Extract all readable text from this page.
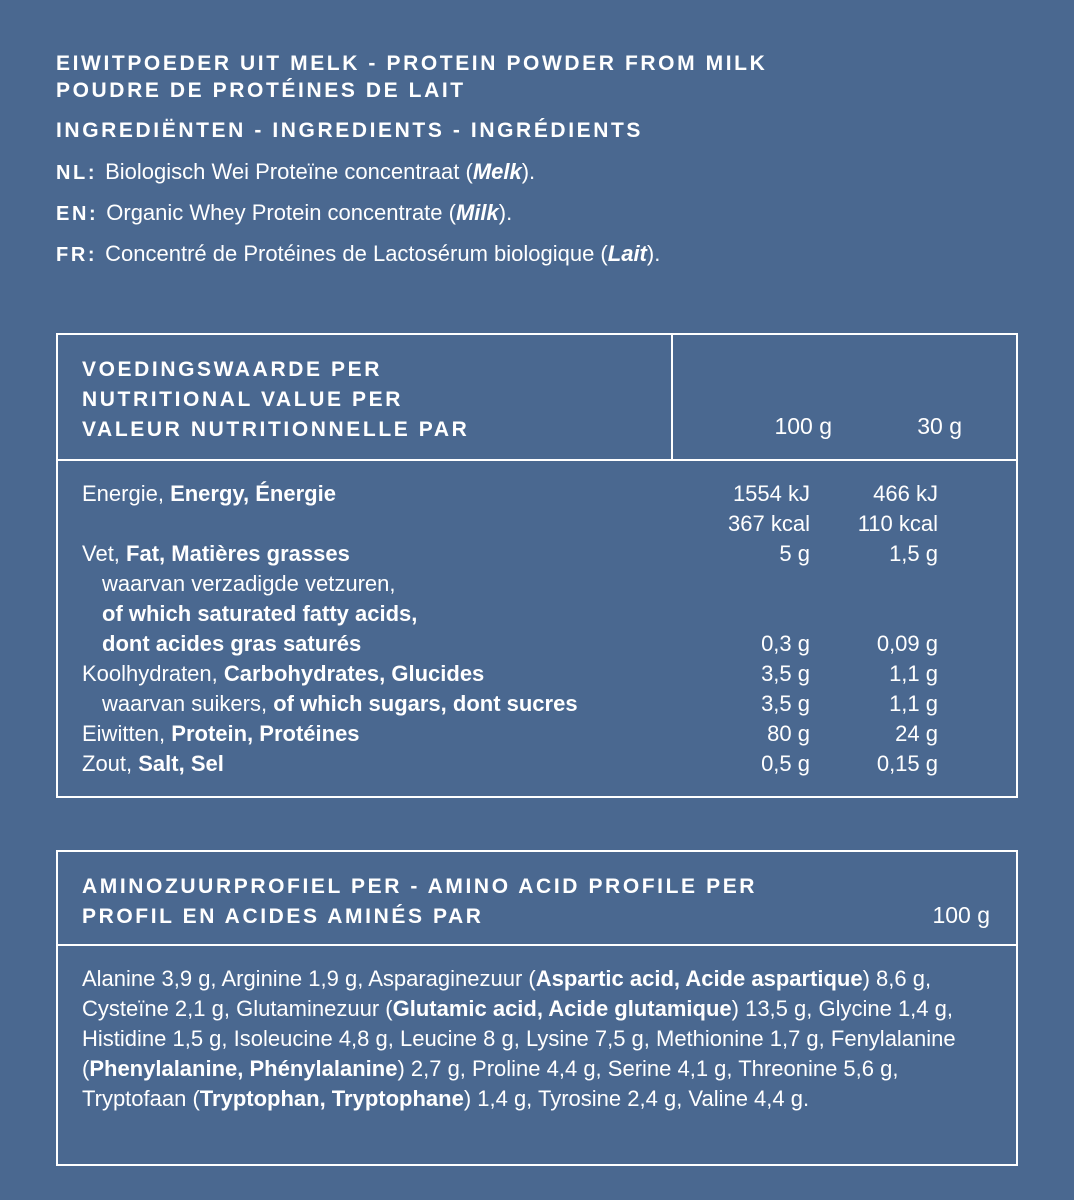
EIWITPOEDER UIT MELK - PROTEIN POWDER FROM MILK
POUDRE DE PROTÉINES DE LAIT
INGREDIËNTEN - INGREDIENTS - INGRÉDIENTS
NL: Biologisch Wei Proteïne concentraat (Melk).
EN: Organic Whey Protein concentrate (Milk).
FR: Concentré de Protéines de Lactosérum biologique (Lait).
VOEDINGSWAARDE PER
NUTRITIONAL VALUE PER
VALEUR NUTRITIONNELLE PAR	100 g	30 g
Energie, Energy, Énergie	1554 kJ	466 kJ
367 kcal 110 kcal
Vet, Fat, Matières grasses	5 g	1,5 g
waarvan verzadigde vetzuren,
of which saturated fatty acids,
dont acides gras saturés	0,3 g	0,09 g
Koolhydraten, Carbohydrates, Glucides	3,5 g	1,1 g
waarvan suikers, of which sugars, dont sucres	3,5 g	1,1 g
Eiwitten, Protein, Protéines	80 g	24 g
Zout, Salt, Sel	0,5 g	0,15 g
AMINOZUURPROFIEL PER - AMINO ACID PROFILE PER
PROFIL EN ACIDES AMINÉS PAR	100 g
Alanine 3,9 g, Arginine 1,9 g, Asparaginezuur (Aspartic acid, Acide aspartique) 8,6 g, Cysteïne 2,1 g, Glutaminezuur (Glutamic acid, Acide glutamique) 13,5 g, Glycine 1,4 g, Histidine 1,5 g, Isoleucine 4,8 g, Leucine 8 g, Lysine 7,5 g, Methionine 1,7 g, Fenylalanine (Phenylalanine, Phénylalanine) 2,7 g, Proline 4,4 g, Serine 4,1 g, Threonine 5,6 g, Tryptofaan (Tryptophan, Tryptophane) 1,4 g, Tyrosine 2,4 g, Valine 4,4 g.
